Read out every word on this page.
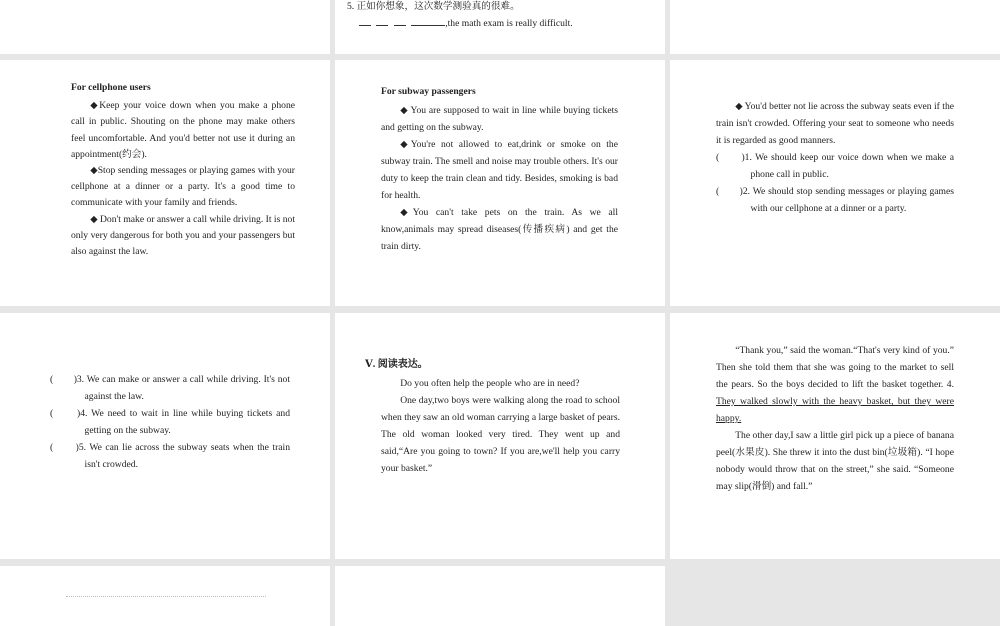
5. 正如你想象，这次数学测验真的很难。

,the math exam is really difficult.

For cellphone users

◆Keep your voice down when you make a phone call in public. Shouting on the phone may make others feel uncomfortable. And you'd better not use it during an appointment(约会).

◆Stop sending messages or playing games with your cellphone at a dinner or a party. It's a good time to communicate with your family and friends.

◆ Don't make or answer a call while driving. It is not only very dangerous for both you and your passengers but also against the law.

For subway passengers

◆ You are supposed to wait in line while buying tickets and getting on the subway.

◆You're not allowed to eat,drink or smoke on the subway train. The smell and noise may trouble others. It's our duty to keep the train clean and tidy. Besides, smoking is bad for health.

◆You can't take pets on the train. As we all know,animals may spread diseases(传播疾病) and get the train dirty.

◆ You'd better not lie across the subway seats even if the train isn't crowded. Offering your seat to someone who needs it is regarded as good manners.

(　　)1. We should keep our voice down when we make a phone call in public.

(　　)2. We should stop sending messages or playing games with our cellphone at a dinner or a party.

(　　)3. We can make or answer a call while driving. It's not against the law.

(　　)4. We need to wait in line while buying tickets and getting on the subway.

(　　)5. We can lie across the subway seats when the train isn't crowded.

Ⅴ. 阅读表达。

Do you often help the people who are in need?

One day,two boys were walking along the road to school when they saw an old woman carrying a large basket of pears. The old woman looked very tired. They went up and said,“Are you going to town? If you are,we'll help you carry your basket.”

“Thank you,” said the woman.“That's very kind of you.” Then she told them that she was going to the market to sell the pears. So the boys decided to lift the basket together. 4. They walked slowly with the heavy basket, but they were happy.

The other day,I saw a little girl pick up a piece of banana peel(水果皮). She threw it into the dust bin(垃圾箱). “I hope nobody would throw that on the street,” she said. “Someone may slip(滑倒) and fall.”
